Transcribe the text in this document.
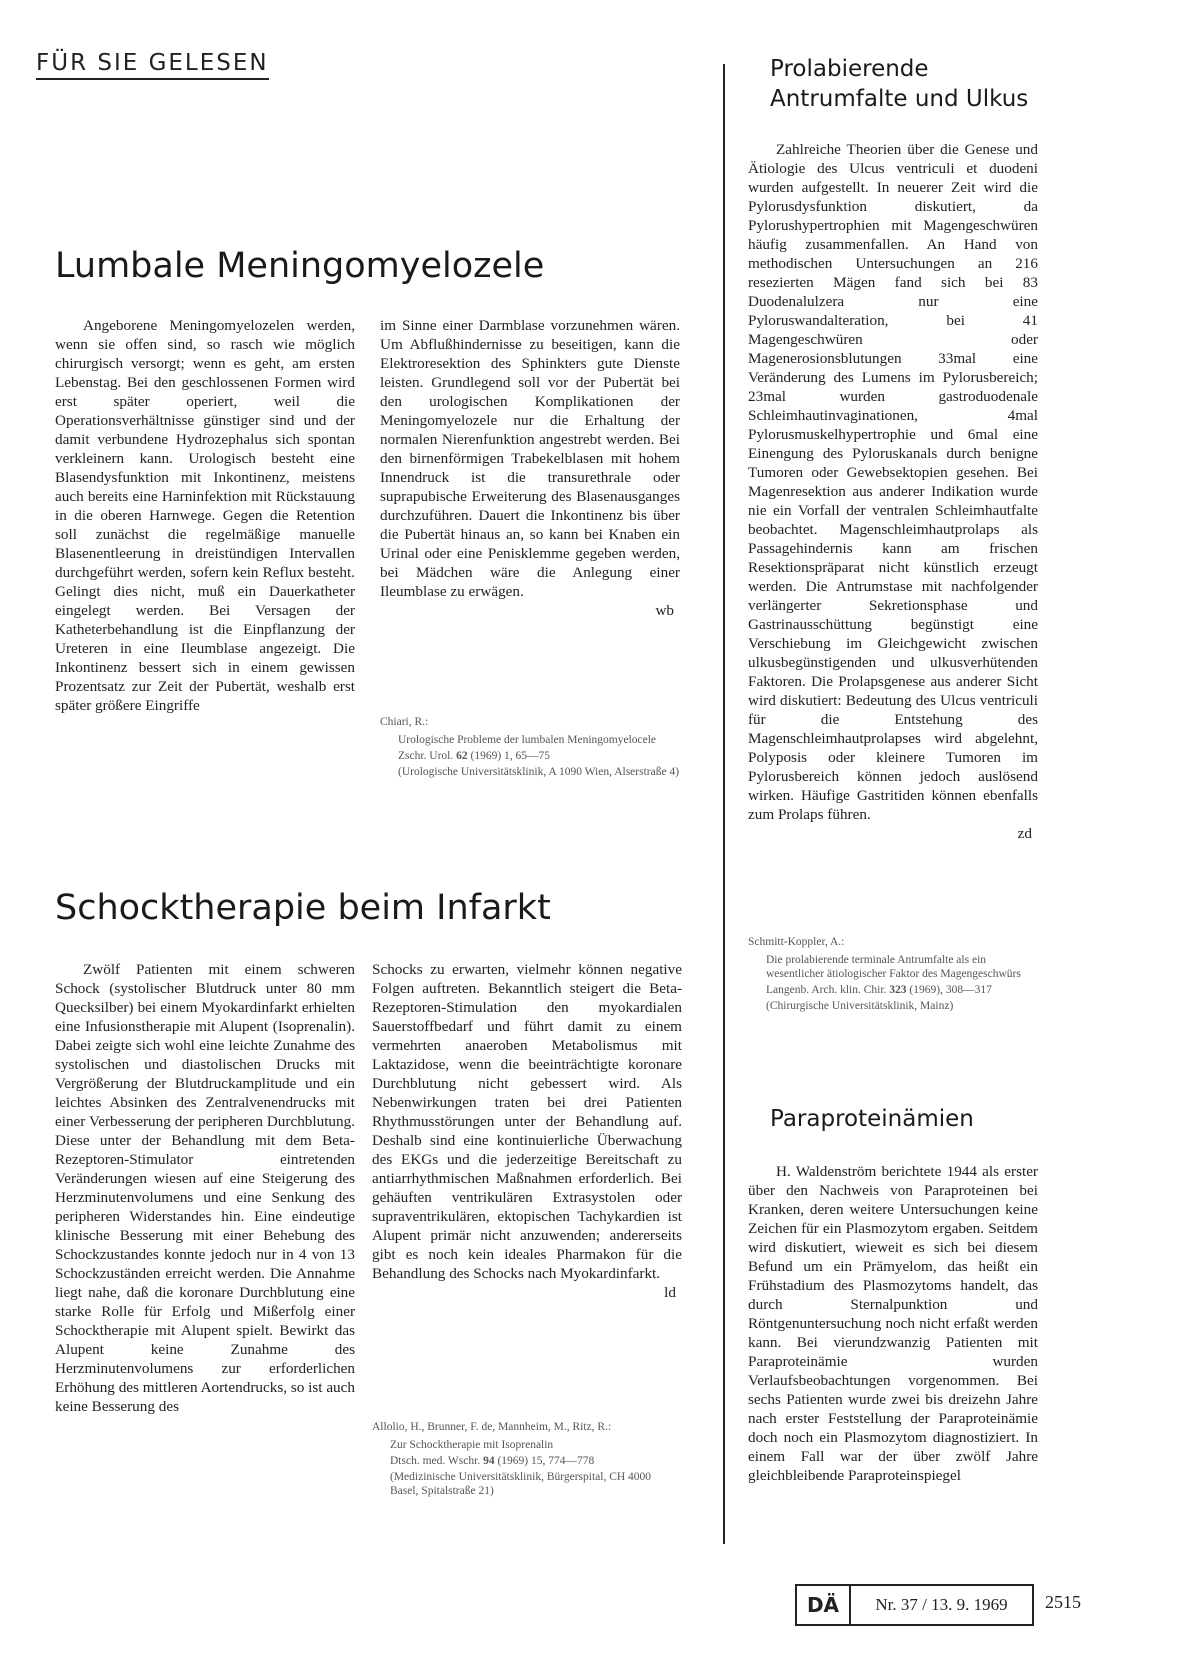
FÜR SIE GELESEN
Lumbale Meningomyelozele

Angeborene Meningomyelozelen werden, wenn sie offen sind, so rasch wie möglich chirurgisch versorgt; wenn es geht, am ersten Lebenstag. Bei den geschlossenen Formen wird erst später operiert, weil die Operationsverhältnisse günstiger sind und der damit verbundene Hydrozephalus sich spontan verkleinern kann. Urologisch besteht eine Blasendysfunktion mit Inkontinenz, meistens auch bereits eine Harninfektion mit Rückstauung in die oberen Harnwege. Gegen die Retention soll zunächst die regelmäßige manuelle Blasenentleerung in dreistündigen Intervallen durchgeführt werden, sofern kein Reflux besteht. Gelingt dies nicht, muß ein Dauerkatheter eingelegt werden. Bei Versagen der Katheterbehandlung ist die Einpflanzung der Ureteren in eine Ileumblase angezeigt. Die Inkontinenz bessert sich in einem gewissen Prozentsatz zur Zeit der Pubertät, weshalb erst später größere Eingriffe

im Sinne einer Darmblase vorzunehmen wären. Um Abflußhindernisse zu beseitigen, kann die Elektroresektion des Sphinkters gute Dienste leisten. Grundlegend soll vor der Pubertät bei den urologischen Komplikationen der Meningomyelozele nur die Erhaltung der normalen Nierenfunktion angestrebt werden. Bei den birnenförmigen Trabekelblasen mit hohem Innendruck ist die transurethrale oder suprapubische Erweiterung des Blasenausganges durchzuführen. Dauert die Inkontinenz bis über die Pubertät hinaus an, so kann bei Knaben ein Urinal oder eine Penisklemme gegeben werden, bei Mädchen wäre die Anlegung einer Ileumblase zu erwägen.

wb
Chiari, R.:
Urologische Probleme der lumbalen Meningomyelocele
Zschr. Urol. 62 (1969) 1, 65—75
(Urologische Universitätsklinik, A 1090 Wien, Alserstraße 4)
Schocktherapie beim Infarkt

Zwölf Patienten mit einem schweren Schock (systolischer Blutdruck unter 80 mm Quecksilber) bei einem Myokardinfarkt erhielten eine Infusionstherapie mit Alupent (Isoprenalin). Dabei zeigte sich wohl eine leichte Zunahme des systolischen und diastolischen Drucks mit Vergrößerung der Blutdruckamplitude und ein leichtes Absinken des Zentralvenendrucks mit einer Verbesserung der peripheren Durchblutung. Diese unter der Behandlung mit dem Beta-Rezeptoren-Stimulator eintretenden Veränderungen wiesen auf eine Steigerung des Herzminutenvolumens und eine Senkung des peripheren Widerstandes hin. Eine eindeutige klinische Besserung mit einer Behebung des Schockzustandes konnte jedoch nur in 4 von 13 Schockzuständen erreicht werden. Die Annahme liegt nahe, daß die koronare Durchblutung eine starke Rolle für Erfolg und Mißerfolg einer Schocktherapie mit Alupent spielt. Bewirkt das Alupent keine Zunahme des Herzminutenvolumens zur erforderlichen Erhöhung des mittleren Aortendrucks, so ist auch keine Besserung des

Schocks zu erwarten, vielmehr können negative Folgen auftreten. Bekanntlich steigert die Beta-Rezeptoren-Stimulation den myokardialen Sauerstoffbedarf und führt damit zu einem vermehrten anaeroben Metabolismus mit Laktazidose, wenn die beeinträchtigte koronare Durchblutung nicht gebessert wird. Als Nebenwirkungen traten bei drei Patienten Rhythmusstörungen unter der Behandlung auf. Deshalb sind eine kontinuierliche Überwachung des EKGs und die jederzeitige Bereitschaft zu antiarrhythmischen Maßnahmen erforderlich. Bei gehäuften ventrikulären Extrasystolen oder supraventrikulären, ektopischen Tachykardien ist Alupent primär nicht anzuwenden; andererseits gibt es noch kein ideales Pharmakon für die Behandlung des Schocks nach Myokardinfarkt.

ld
Allolio, H., Brunner, F. de, Mannheim, M., Ritz, R.:
Zur Schocktherapie mit Isoprenalin
Dtsch. med. Wschr. 94 (1969) 15, 774—778
(Medizinische Universitätsklinik, Bürgerspital, CH 4000 Basel, Spitalstraße 21)
Prolabierende Antrumfalte und Ulkus

Zahlreiche Theorien über die Genese und Ätiologie des Ulcus ventriculi et duodeni wurden aufgestellt. In neuerer Zeit wird die Pylorusdysfunktion diskutiert, da Pylorushypertrophien mit Magengeschwüren häufig zusammenfallen. An Hand von methodischen Untersuchungen an 216 resezierten Mägen fand sich bei 83 Duodenalulzera nur eine Pyloruswandalteration, bei 41 Magengeschwüren oder Magenerosionsblutungen 33mal eine Veränderung des Lumens im Pylorusbereich; 23mal wurden gastroduodenale Schleimhautinvaginationen, 4mal Pylorusmuskelhypertrophie und 6mal eine Einengung des Pyloruskanals durch benigne Tumoren oder Gewebsektopien gesehen. Bei Magenresektion aus anderer Indikation wurde nie ein Vorfall der ventralen Schleimhautfalte beobachtet. Magenschleimhautprolaps als Passagehindernis kann am frischen Resektionspräparat nicht künstlich erzeugt werden. Die Antrumstase mit nachfolgender verlängerter Sekretionsphase und Gastrinausschüttung begünstigt eine Verschiebung im Gleichgewicht zwischen ulkusbegünstigenden und ulkusverhütenden Faktoren. Die Prolapsgenese aus anderer Sicht wird diskutiert: Bedeutung des Ulcus ventriculi für die Entstehung des Magenschleimhautprolapses wird abgelehnt, Polyposis oder kleinere Tumoren im Pylorusbereich können jedoch auslösend wirken. Häufige Gastritiden können ebenfalls zum Prolaps führen.

zd
Schmitt-Koppler, A.:
Die prolabierende terminale Antrumfalte als ein wesentlicher ätiologischer Faktor des Magengeschwürs
Langenb. Arch. klin. Chir. 323 (1969), 308—317
(Chirurgische Universitätsklinik, Mainz)
Paraproteinämien

H. Waldenström berichtete 1944 als erster über den Nachweis von Paraproteinen bei Kranken, deren weitere Untersuchungen keine Zeichen für ein Plasmozytom ergaben. Seitdem wird diskutiert, wieweit es sich bei diesem Befund um ein Prämyelom, das heißt ein Frühstadium des Plasmozytoms handelt, das durch Sternalpunktion und Röntgenuntersuchung noch nicht erfaßt werden kann. Bei vierundzwanzig Patienten mit Paraproteinämie wurden Verlaufsbeobachtungen vorgenommen. Bei sechs Patienten wurde zwei bis dreizehn Jahre nach erster Feststellung der Paraproteinämie doch noch ein Plasmozytom diagnostiziert. In einem Fall war der über zwölf Jahre gleichbleibende Paraproteinspiegel

DÄ	Nr. 37 / 13. 9. 1969	2515
